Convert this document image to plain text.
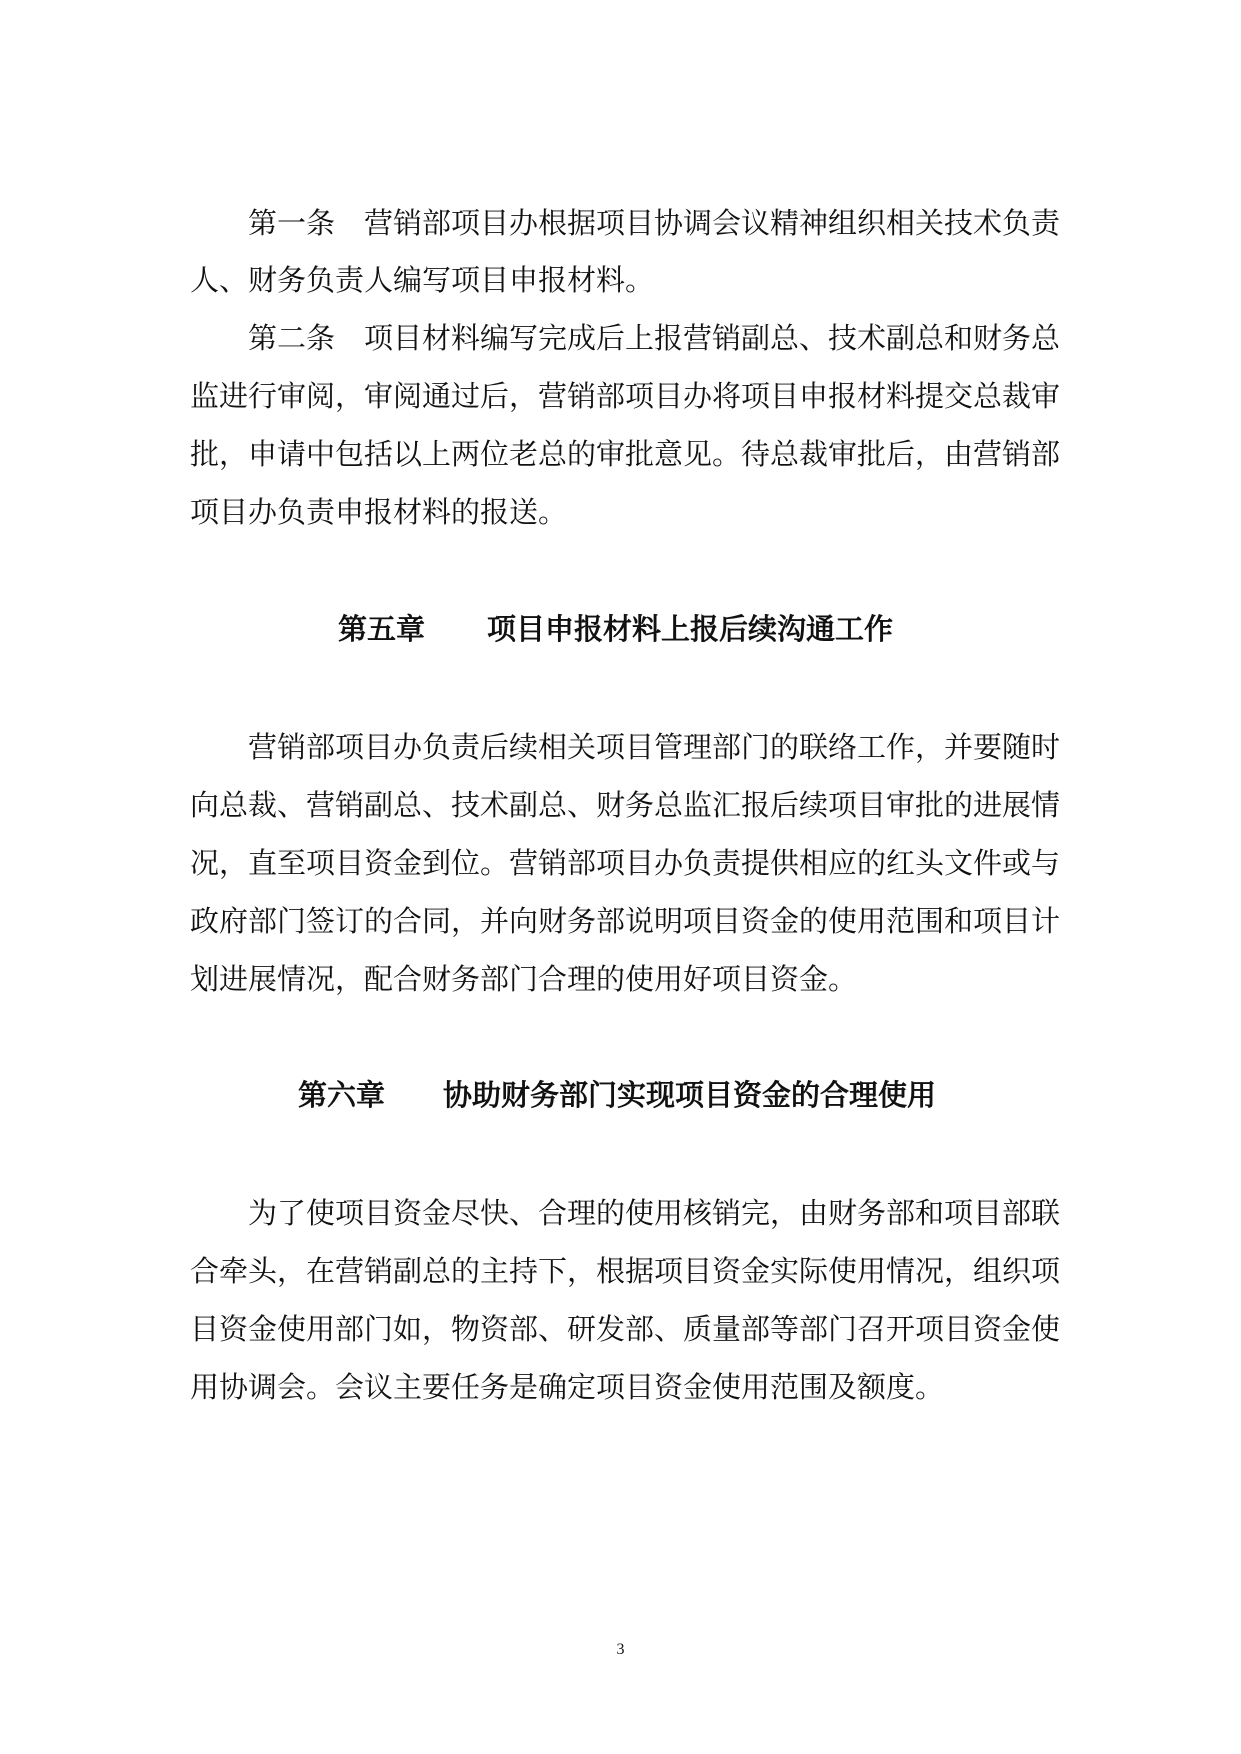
第一条　营销部项目办根据项目协调会议精神组织相关技术负责
人、财务负责人编写项目申报材料。
第二条　项目材料编写完成后上报营销副总、技术副总和财务总
监进行审阅，审阅通过后，营销部项目办将项目申报材料提交总裁审
批，申请中包括以上两位老总的审批意见。待总裁审批后，由营销部
项目办负责申报材料的报送。
第五章 项目申报材料上报后续沟通工作
营销部项目办负责后续相关项目管理部门的联络工作，并要随时
向总裁、营销副总、技术副总、财务总监汇报后续项目审批的进展情
况，直至项目资金到位。营销部项目办负责提供相应的红头文件或与
政府部门签订的合同，并向财务部说明项目资金的使用范围和项目计
划进展情况，配合财务部门合理的使用好项目资金。
第六章 协助财务部门实现项目资金的合理使用
为了使项目资金尽快、合理的使用核销完，由财务部和项目部联
合牵头，在营销副总的主持下，根据项目资金实际使用情况，组织项
目资金使用部门如，物资部、研发部、质量部等部门召开项目资金使
用协调会。会议主要任务是确定项目资金使用范围及额度。
3
